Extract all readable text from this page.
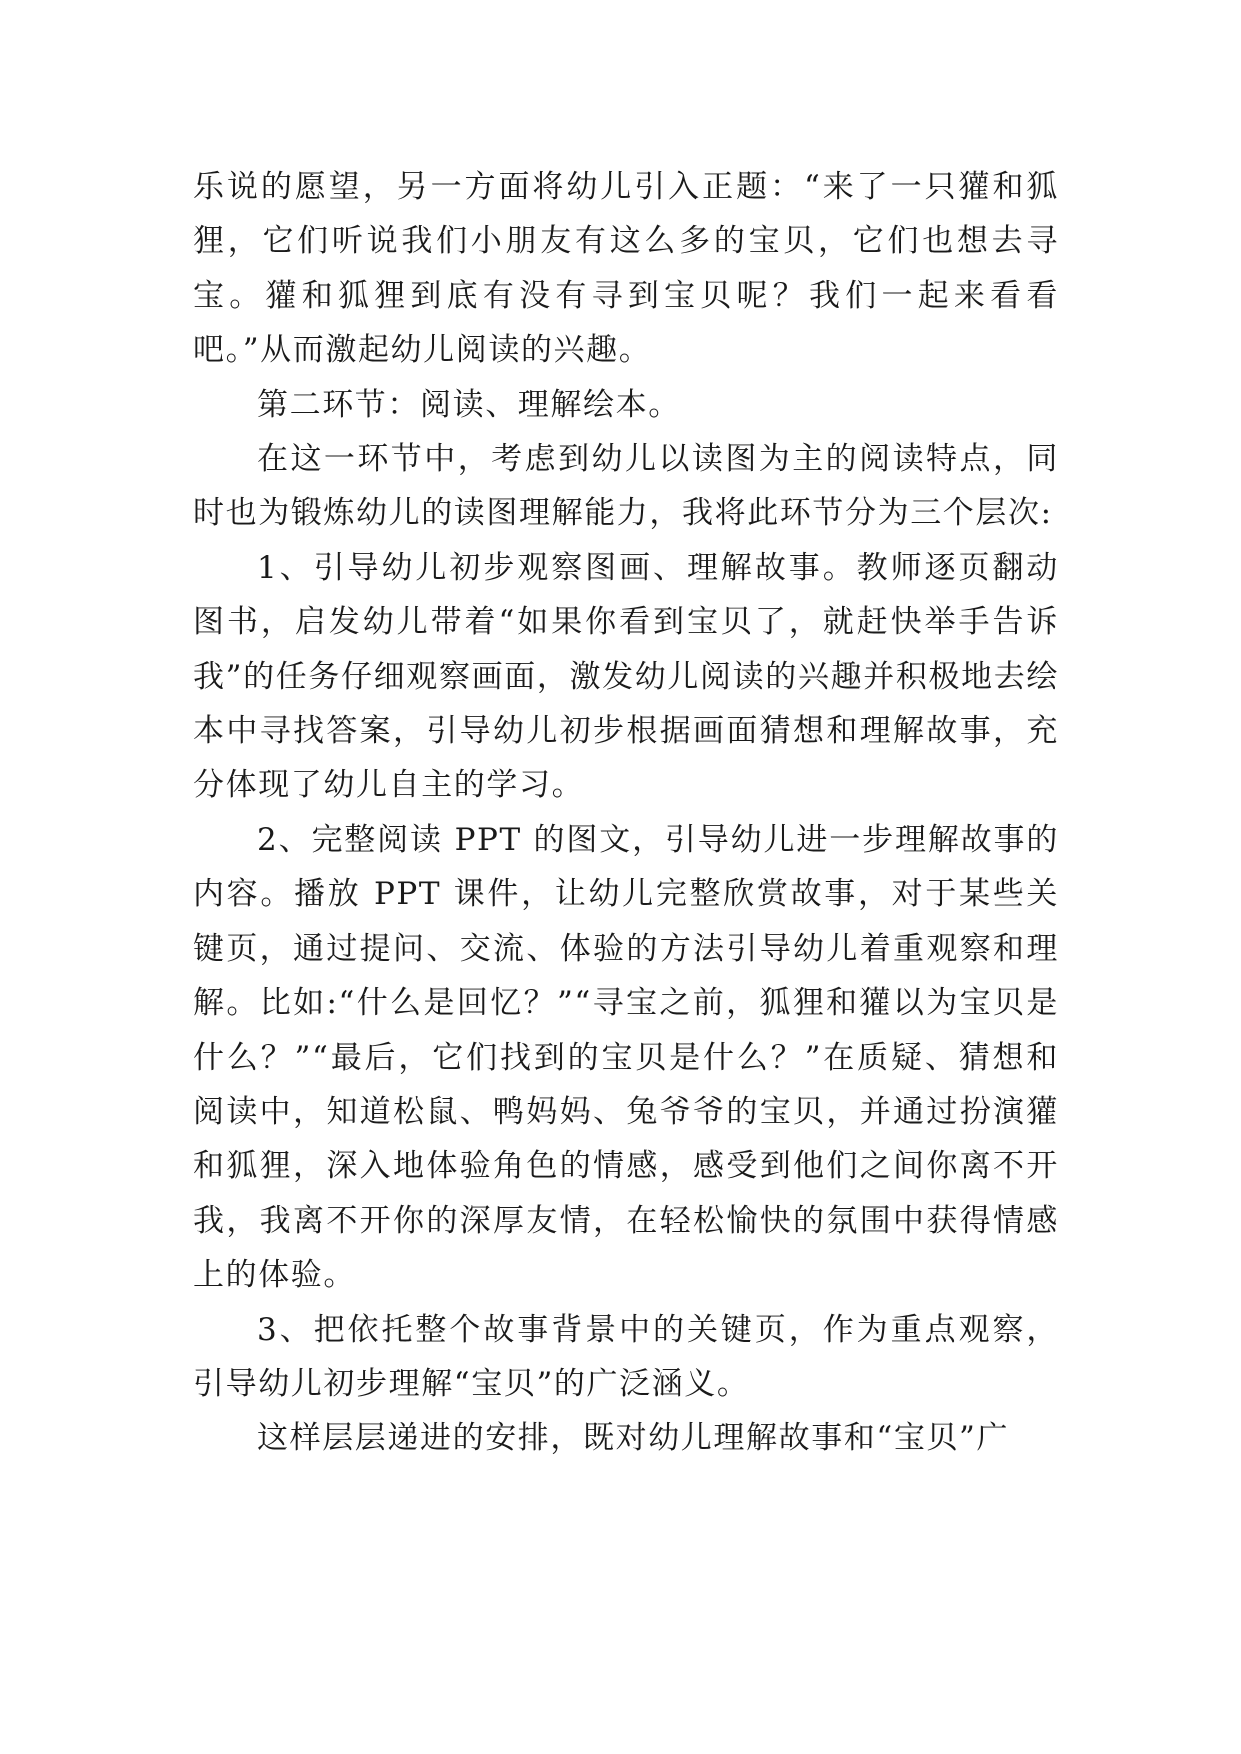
乐说的愿望，另一方面将幼儿引入正题：“来了一只獾和狐狸，它们听说我们小朋友有这么多的宝贝，它们也想去寻宝。獾和狐狸到底有没有寻到宝贝呢？我们一起来看看吧。”从而激起幼儿阅读的兴趣。

第二环节：阅读、理解绘本。

在这一环节中，考虑到幼儿以读图为主的阅读特点，同时也为锻炼幼儿的读图理解能力，我将此环节分为三个层次:

1、引导幼儿初步观察图画、理解故事。教师逐页翻动图书，启发幼儿带着“如果你看到宝贝了，就赶快举手告诉我”的任务仔细观察画面，激发幼儿阅读的兴趣并积极地去绘本中寻找答案，引导幼儿初步根据画面猜想和理解故事，充分体现了幼儿自主的学习。

2、完整阅读 PPT 的图文，引导幼儿进一步理解故事的内容。播放 PPT 课件，让幼儿完整欣赏故事，对于某些关键页，通过提问、交流、体验的方法引导幼儿着重观察和理解。比如:“什么是回忆？”“寻宝之前，狐狸和獾以为宝贝是什么？”“最后，它们找到的宝贝是什么？”在质疑、猜想和阅读中，知道松鼠、鸭妈妈、兔爷爷的宝贝，并通过扮演獾和狐狸，深入地体验角色的情感，感受到他们之间你离不开我，我离不开你的深厚友情，在轻松愉快的氛围中获得情感上的体验。

3、把依托整个故事背景中的关键页，作为重点观察，引导幼儿初步理解“宝贝”的广泛涵义。

这样层层递进的安排，既对幼儿理解故事和“宝贝”广
